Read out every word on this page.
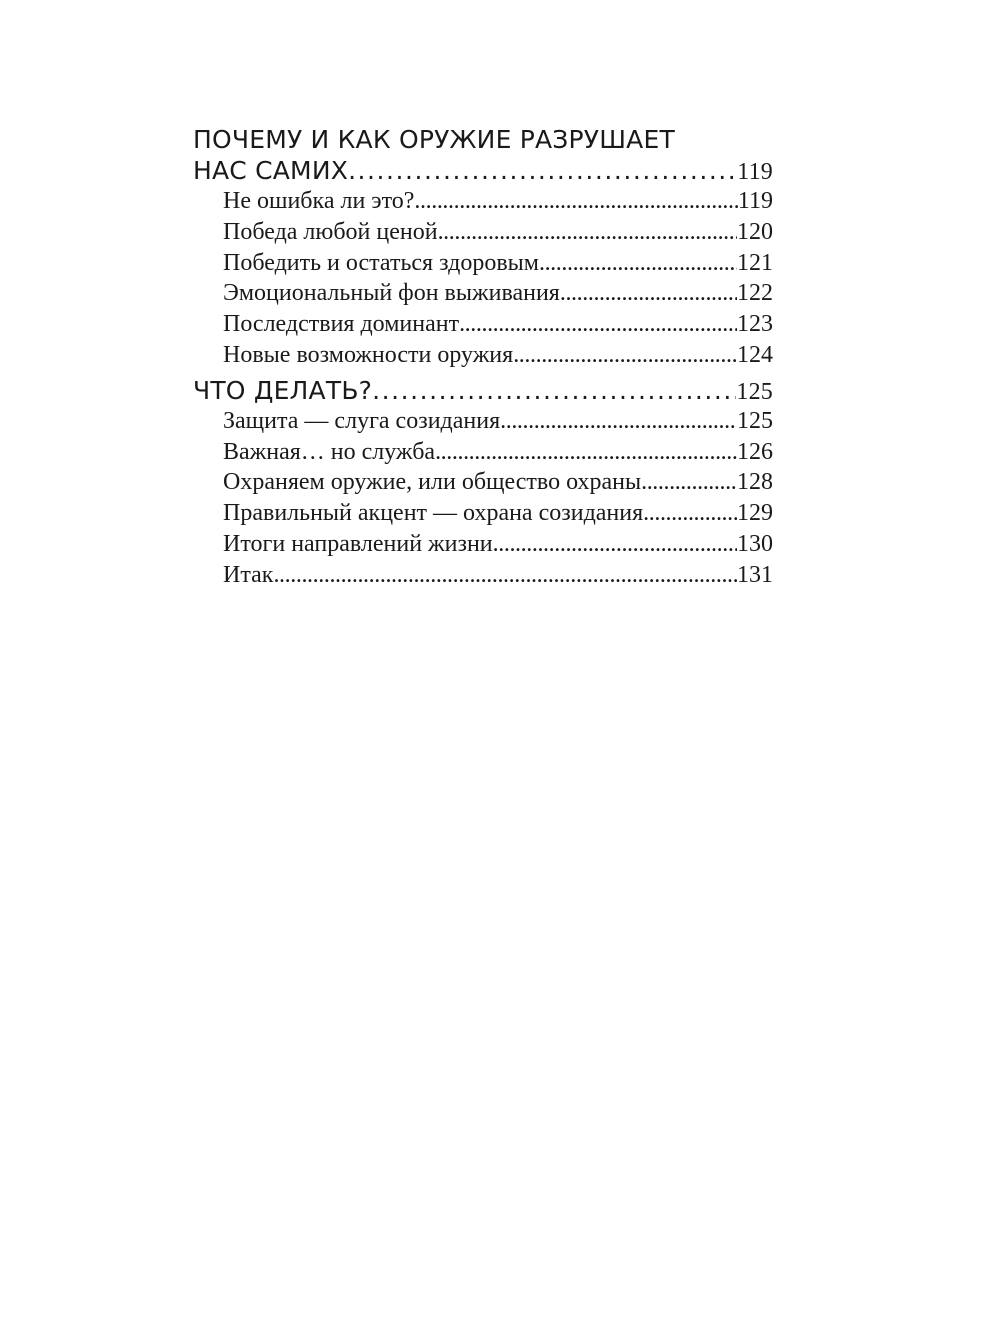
ПОЧЕМУ И КАК ОРУЖИЕ РАЗРУШАЕТ
НАС САМИХ . . .	119
Не ошибка ли это? . . .	119
Победа любой ценой . . .	120
Победить и остаться здоровым . . .	121
Эмоциональный фон выживания . . .	122
Последствия доминант . . .	123
Новые возможности оружия . . .	124
ЧТО ДЕЛАТЬ? . . .	125
Защита — слуга созидания . . .	125
Важная… но служба . . .	126
Охраняем оружие, или общество охраны . . .	128
Правильный акцент — охрана созидания . . .	129
Итоги направлений жизни . . .	130
Итак . . .	131
